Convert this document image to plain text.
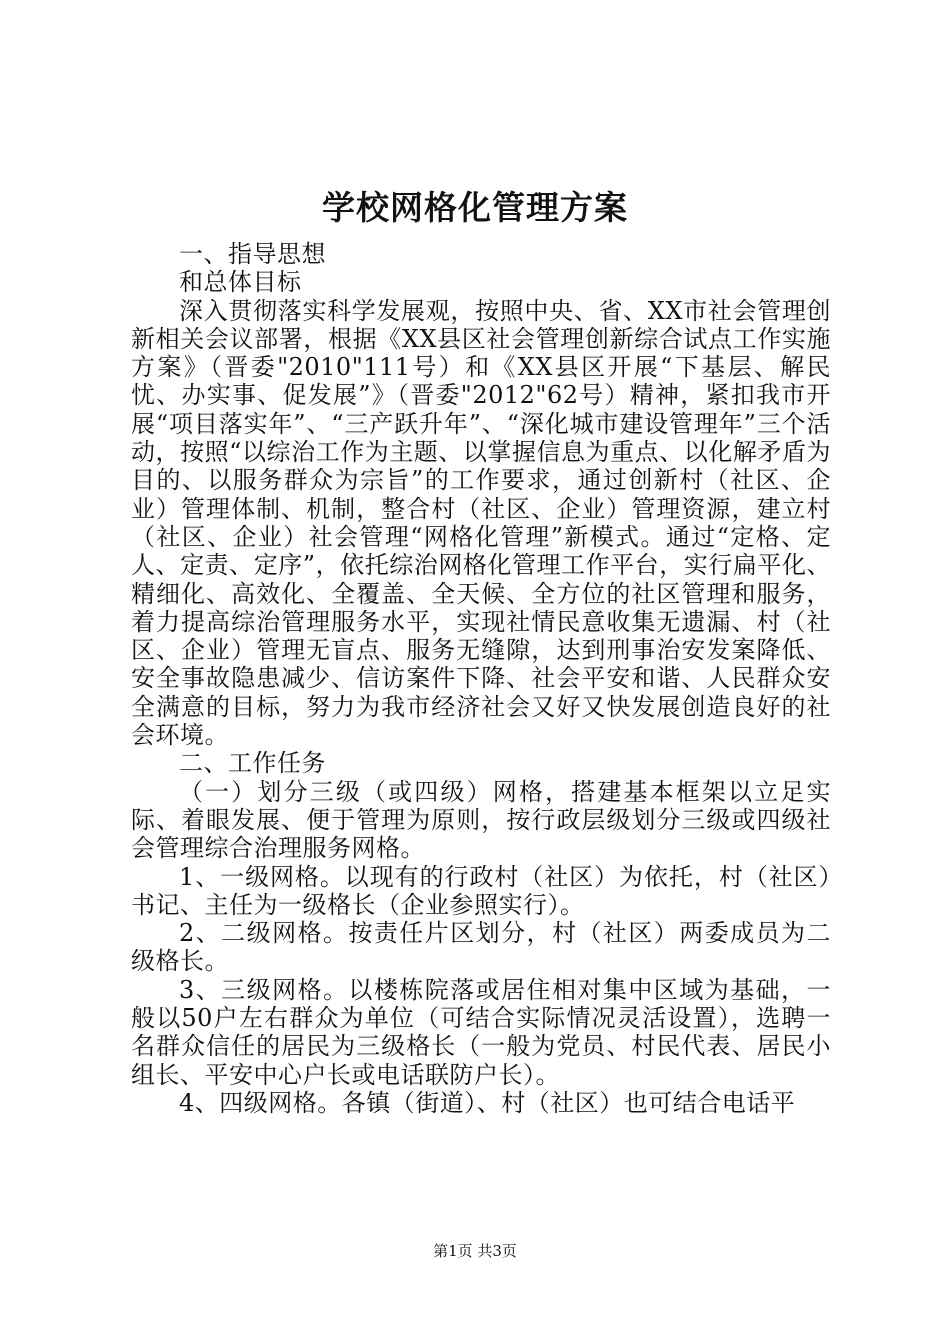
学校网格化管理方案

一、指导思想

和总体目标

深入贯彻落实科学发展观，按照中央、省、XX市社会管理创新相关会议部署，根据《XX县区社会管理创新综合试点工作实施方案》（晋委"2010"111号）和《XX县区开展“下基层、解民忧、办实事、促发展”》（晋委"2012"62号）精神，紧扣我市开展“项目落实年”、“三产跃升年”、“深化城市建设管理年”三个活动，按照“以综治工作为主题、以掌握信息为重点、以化解矛盾为目的、以服务群众为宗旨”的工作要求，通过创新村（社区、企业）管理体制、机制，整合村（社区、企业）管理资源，建立村（社区、企业）社会管理“网格化管理”新模式。通过“定格、定人、定责、定序”，依托综治网格化管理工作平台，实行扁平化、精细化、高效化、全覆盖、全天候、全方位的社区管理和服务，着力提高综治管理服务水平，实现社情民意收集无遗漏、村（社区、企业）管理无盲点、服务无缝隙，达到刑事治安发案降低、安全事故隐患减少、信访案件下降、社会平安和谐、人民群众安全满意的目标，努力为我市经济社会又好又快发展创造良好的社会环境。

二、工作任务

（一）划分三级（或四级）网格，搭建基本框架以立足实际、着眼发展、便于管理为原则，按行政层级划分三级或四级社会管理综合治理服务网格。

1、一级网格。以现有的行政村（社区）为依托，村（社区）书记、主任为一级格长（企业参照实行）。

2、二级网格。按责任片区划分，村（社区）两委成员为二级格长。

3、三级网格。以楼栋院落或居住相对集中区域为基础，一般以50户左右群众为单位（可结合实际情况灵活设置），选聘一名群众信任的居民为三级格长（一般为党员、村民代表、居民小组长、平安中心户长或电话联防户长）。

4、四级网格。各镇（街道）、村（社区）也可结合电话平

第1页 共3页
